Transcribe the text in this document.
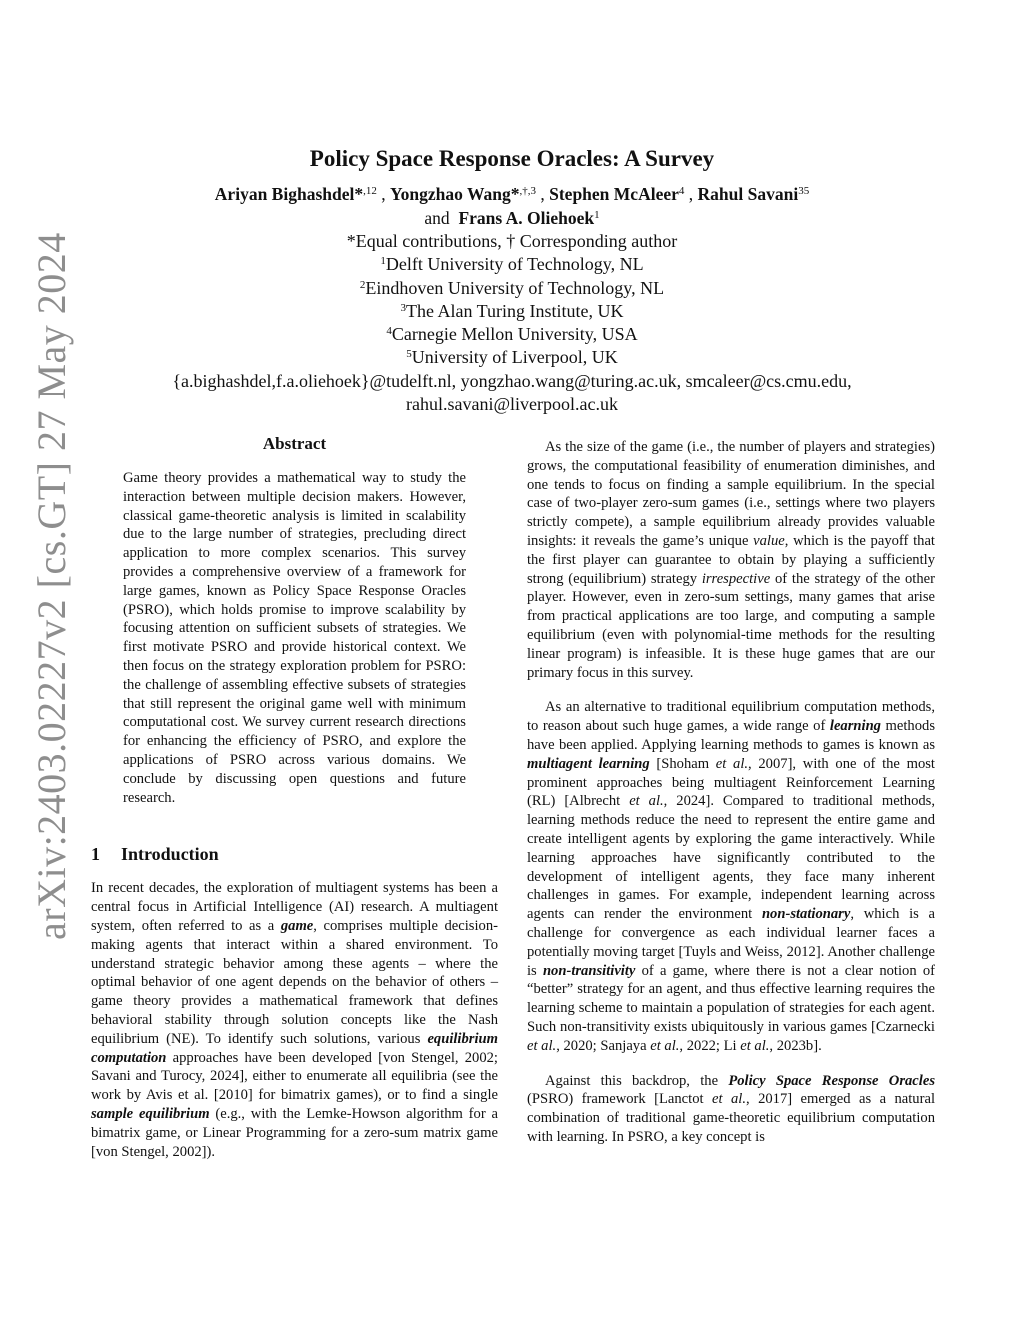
arXiv:2403.02227v2 [cs.GT] 27 May 2024
Policy Space Response Oracles: A Survey
Ariyan Bighashdel*$^{,12}$ , Yongzhao Wang*$^{,\dagger,3}$ , Stephen McAleer$^4$ , Rahul Savani$^{35}$
and Frans A. Oliehoek$^1$
*Equal contributions, † Corresponding author
$^1$Delft University of Technology, NL
$^2$Eindhoven University of Technology, NL
$^3$The Alan Turing Institute, UK
$^4$Carnegie Mellon University, USA
$^5$University of Liverpool, UK
{a.bighashdel,f.a.oliehoek}@tudelft.nl, yongzhao.wang@turing.ac.uk, smcaleer@cs.cmu.edu,
rahul.savani@liverpool.ac.uk
Abstract

Game theory provides a mathematical way to study the interaction between multiple decision makers. However, classical game-theoretic analysis is limited in scalability due to the large number of strategies, precluding direct application to more complex scenarios. This survey provides a comprehensive overview of a framework for large games, known as Policy Space Response Oracles (PSRO), which holds promise to improve scalability by focusing attention on sufficient subsets of strategies. We first motivate PSRO and provide historical context. We then focus on the strategy exploration problem for PSRO: the challenge of assembling effective subsets of strategies that still represent the original game well with minimum computational cost. We survey current research directions for enhancing the efficiency of PSRO, and explore the applications of PSRO across various domains. We conclude by discussing open questions and future research.

1 Introduction

In recent decades, the exploration of multiagent systems has been a central focus in Artificial Intelligence (AI) research. A multiagent system, often referred to as a game, comprises multiple decision-making agents that interact within a shared environment. To understand strategic behavior among these agents – where the optimal behavior of one agent depends on the behavior of others – game theory provides a mathematical framework that defines behavioral stability through solution concepts like the Nash equilibrium (NE). To identify such solutions, various equilibrium computation approaches have been developed [von Stengel, 2002; Savani and Turocy, 2024], either to enumerate all equilibria (see the work by Avis et al. [2010] for bimatrix games), or to find a single sample equilibrium (e.g., with the Lemke-Howson algorithm for a bimatrix game, or Linear Programming for a zero-sum matrix game [von Stengel, 2002]).

As the size of the game (i.e., the number of players and strategies) grows, the computational feasibility of enumeration diminishes, and one tends to focus on finding a sample equilibrium. In the special case of two-player zero-sum games (i.e., settings where two players strictly compete), a sample equilibrium already provides valuable insights: it reveals the game’s unique value, which is the payoff that the first player can guarantee to obtain by playing a sufficiently strong (equilibrium) strategy irrespective of the strategy of the other player. However, even in zero-sum settings, many games that arise from practical applications are too large, and computing a sample equilibrium (even with polynomial-time methods for the resulting linear program) is infeasible. It is these huge games that are our primary focus in this survey.

As an alternative to traditional equilibrium computation methods, to reason about such huge games, a wide range of learning methods have been applied. Applying learning methods to games is known as multiagent learning [Shoham et al., 2007], with one of the most prominent approaches being multiagent Reinforcement Learning (RL) [Albrecht et al., 2024]. Compared to traditional methods, learning methods reduce the need to represent the entire game and create intelligent agents by exploring the game interactively. While learning approaches have significantly contributed to the development of intelligent agents, they face many inherent challenges in games. For example, independent learning across agents can render the environment non-stationary, which is a challenge for convergence as each individual learner faces a potentially moving target [Tuyls and Weiss, 2012]. Another challenge is non-transitivity of a game, where there is not a clear notion of “better” strategy for an agent, and thus effective learning requires the learning scheme to maintain a population of strategies for each agent. Such non-transitivity exists ubiquitously in various games [Czarnecki et al., 2020; Sanjaya et al., 2022; Li et al., 2023b].

Against this backdrop, the Policy Space Response Oracles (PSRO) framework [Lanctot et al., 2017] emerged as a natural combination of traditional game-theoretic equilibrium computation with learning. In PSRO, a key concept is
